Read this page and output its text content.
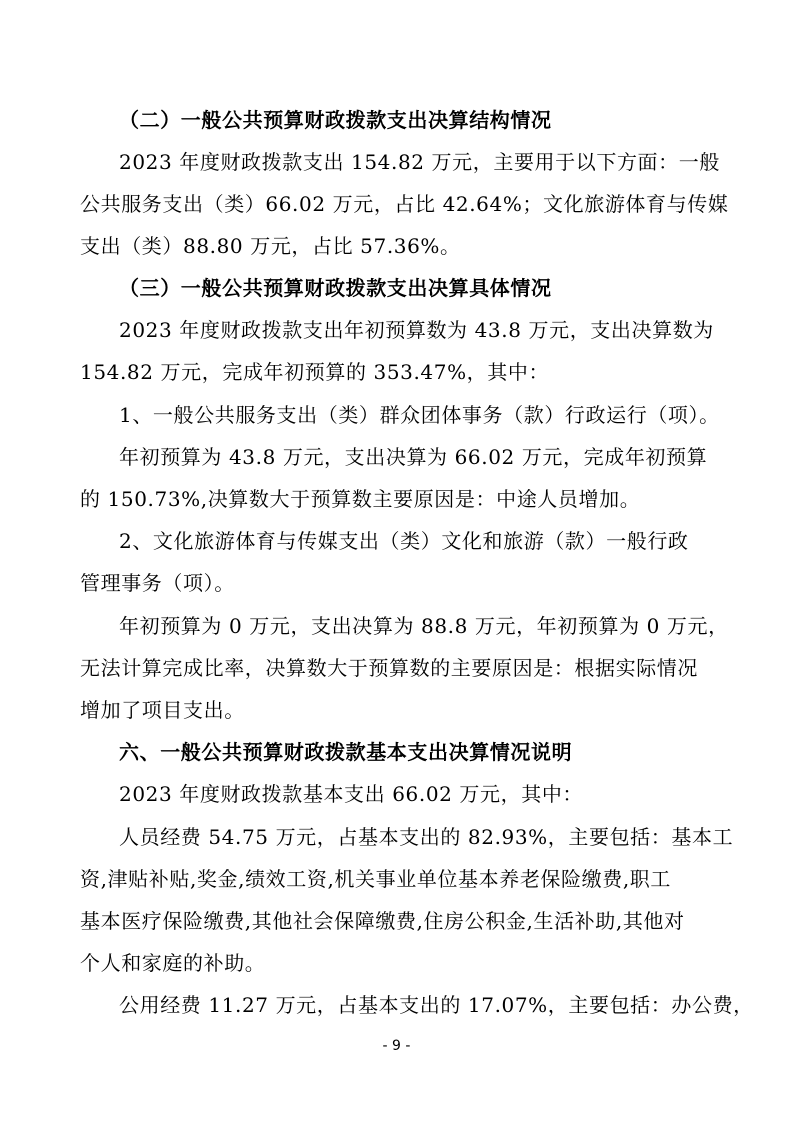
（二）一般公共预算财政拨款支出决算结构情况
2023 年度财政拨款支出 154.82 万元，主要用于以下方面：一般
公共服务支出（类）66.02 万元，占比 42.64%；文化旅游体育与传媒
支出（类）88.80 万元，占比 57.36%。
（三）一般公共预算财政拨款支出决算具体情况
2023 年度财政拨款支出年初预算数为 43.8 万元，支出决算数为
154.82 万元，完成年初预算的 353.47%，其中：
1、一般公共服务支出（类）群众团体事务（款）行政运行（项）。
年初预算为 43.8 万元，支出决算为 66.02 万元，完成年初预算
的 150.73%,决算数大于预算数主要原因是：中途人员增加。
2、文化旅游体育与传媒支出（类）文化和旅游（款）一般行政
管理事务（项）。
年初预算为 0 万元，支出决算为 88.8 万元，年初预算为 0 万元，
无法计算完成比率，决算数大于预算数的主要原因是：根据实际情况
增加了项目支出。
六、一般公共预算财政拨款基本支出决算情况说明
2023 年度财政拨款基本支出 66.02 万元，其中：
人员经费 54.75 万元，占基本支出的 82.93%，主要包括：基本工
资,津贴补贴,奖金,绩效工资,机关事业单位基本养老保险缴费,职工
基本医疗保险缴费,其他社会保障缴费,住房公积金,生活补助,其他对
个人和家庭的补助。
公用经费 11.27 万元，占基本支出的 17.07%，主要包括：办公费，
- 9 -
